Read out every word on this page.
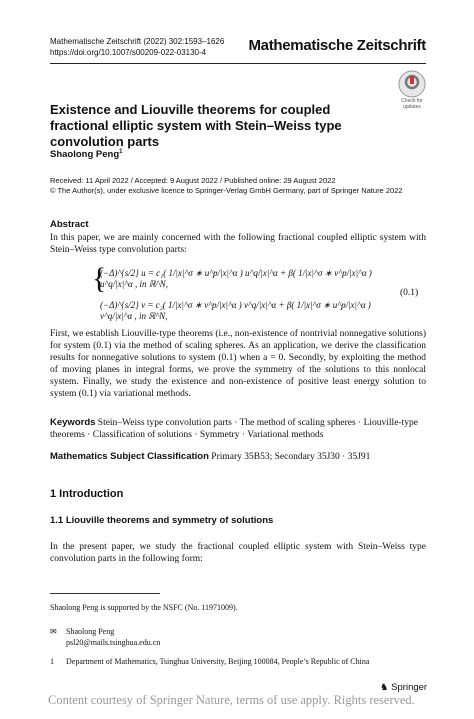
Mathematische Zeitschrift (2022) 302:1593–1626
https://doi.org/10.1007/s00209-022-03130-4	Mathematische Zeitschrift
Check for
updates
Existence and Liouville theorems for coupled fractional elliptic system with Stein–Weiss type convolution parts
Shaolong Peng$^1$
Received: 11 April 2022 / Accepted: 9 August 2022 / Published online: 29 August 2022
© The Author(s), under exclusive licence to Springer-Verlag GmbH Germany, part of Springer Nature 2022
Abstract
In this paper, we are mainly concerned with the following fractional coupled elliptic system with Stein–Weiss type convolution parts:
{
(−Δ)^{s/2} u = c₁( 1/|x|^σ ∗ u^p/|x|^α ) u^q/|x|^α + β( 1/|x|^σ ∗ v^p/|x|^α ) u^q/|x|^α , in ℝ^N,
(−Δ)^{s/2} v = c₂( 1/|x|^σ ∗ v^p/|x|^α ) v^q/|x|^α + β( 1/|x|^σ ∗ u^p/|x|^α ) v^q/|x|^α , in ℝ^N,
(0.1)
First, we establish Liouville-type theorems (i.e., non-existence of nontrivial nonnegative solutions) for system (0.1) via the method of scaling spheres. As an application, we derive the classification results for nonnegative solutions to system (0.1) when a = 0. Secondly, by exploiting the method of moving planes in integral forms, we prove the symmetry of the solutions to this nonlocal system. Finally, we study the existence and non-existence of positive least energy solution to system (0.1) via variational methods.
Keywords Stein–Weiss type convolution parts · The method of scaling spheres · Liouville-type theorems · Classification of solutions · Symmetry · Variational methods
Mathematics Subject Classification Primary 35B53; Secondary 35J30 · 35J91
1 Introduction
1.1 Liouville theorems and symmetry of solutions
In the present paper, we study the fractional coupled elliptic system with Stein–Weiss type convolution parts in the following form:
Shaolong Peng is supported by the NSFC (No. 11971009).
✉	Shaolong Peng
psl20@mails.tsinghua.edu.cn
1	Department of Mathematics, Tsinghua University, Beijing 100084, People’s Republic of China
♞ Springer
Content courtesy of Springer Nature, terms of use apply. Rights reserved.
